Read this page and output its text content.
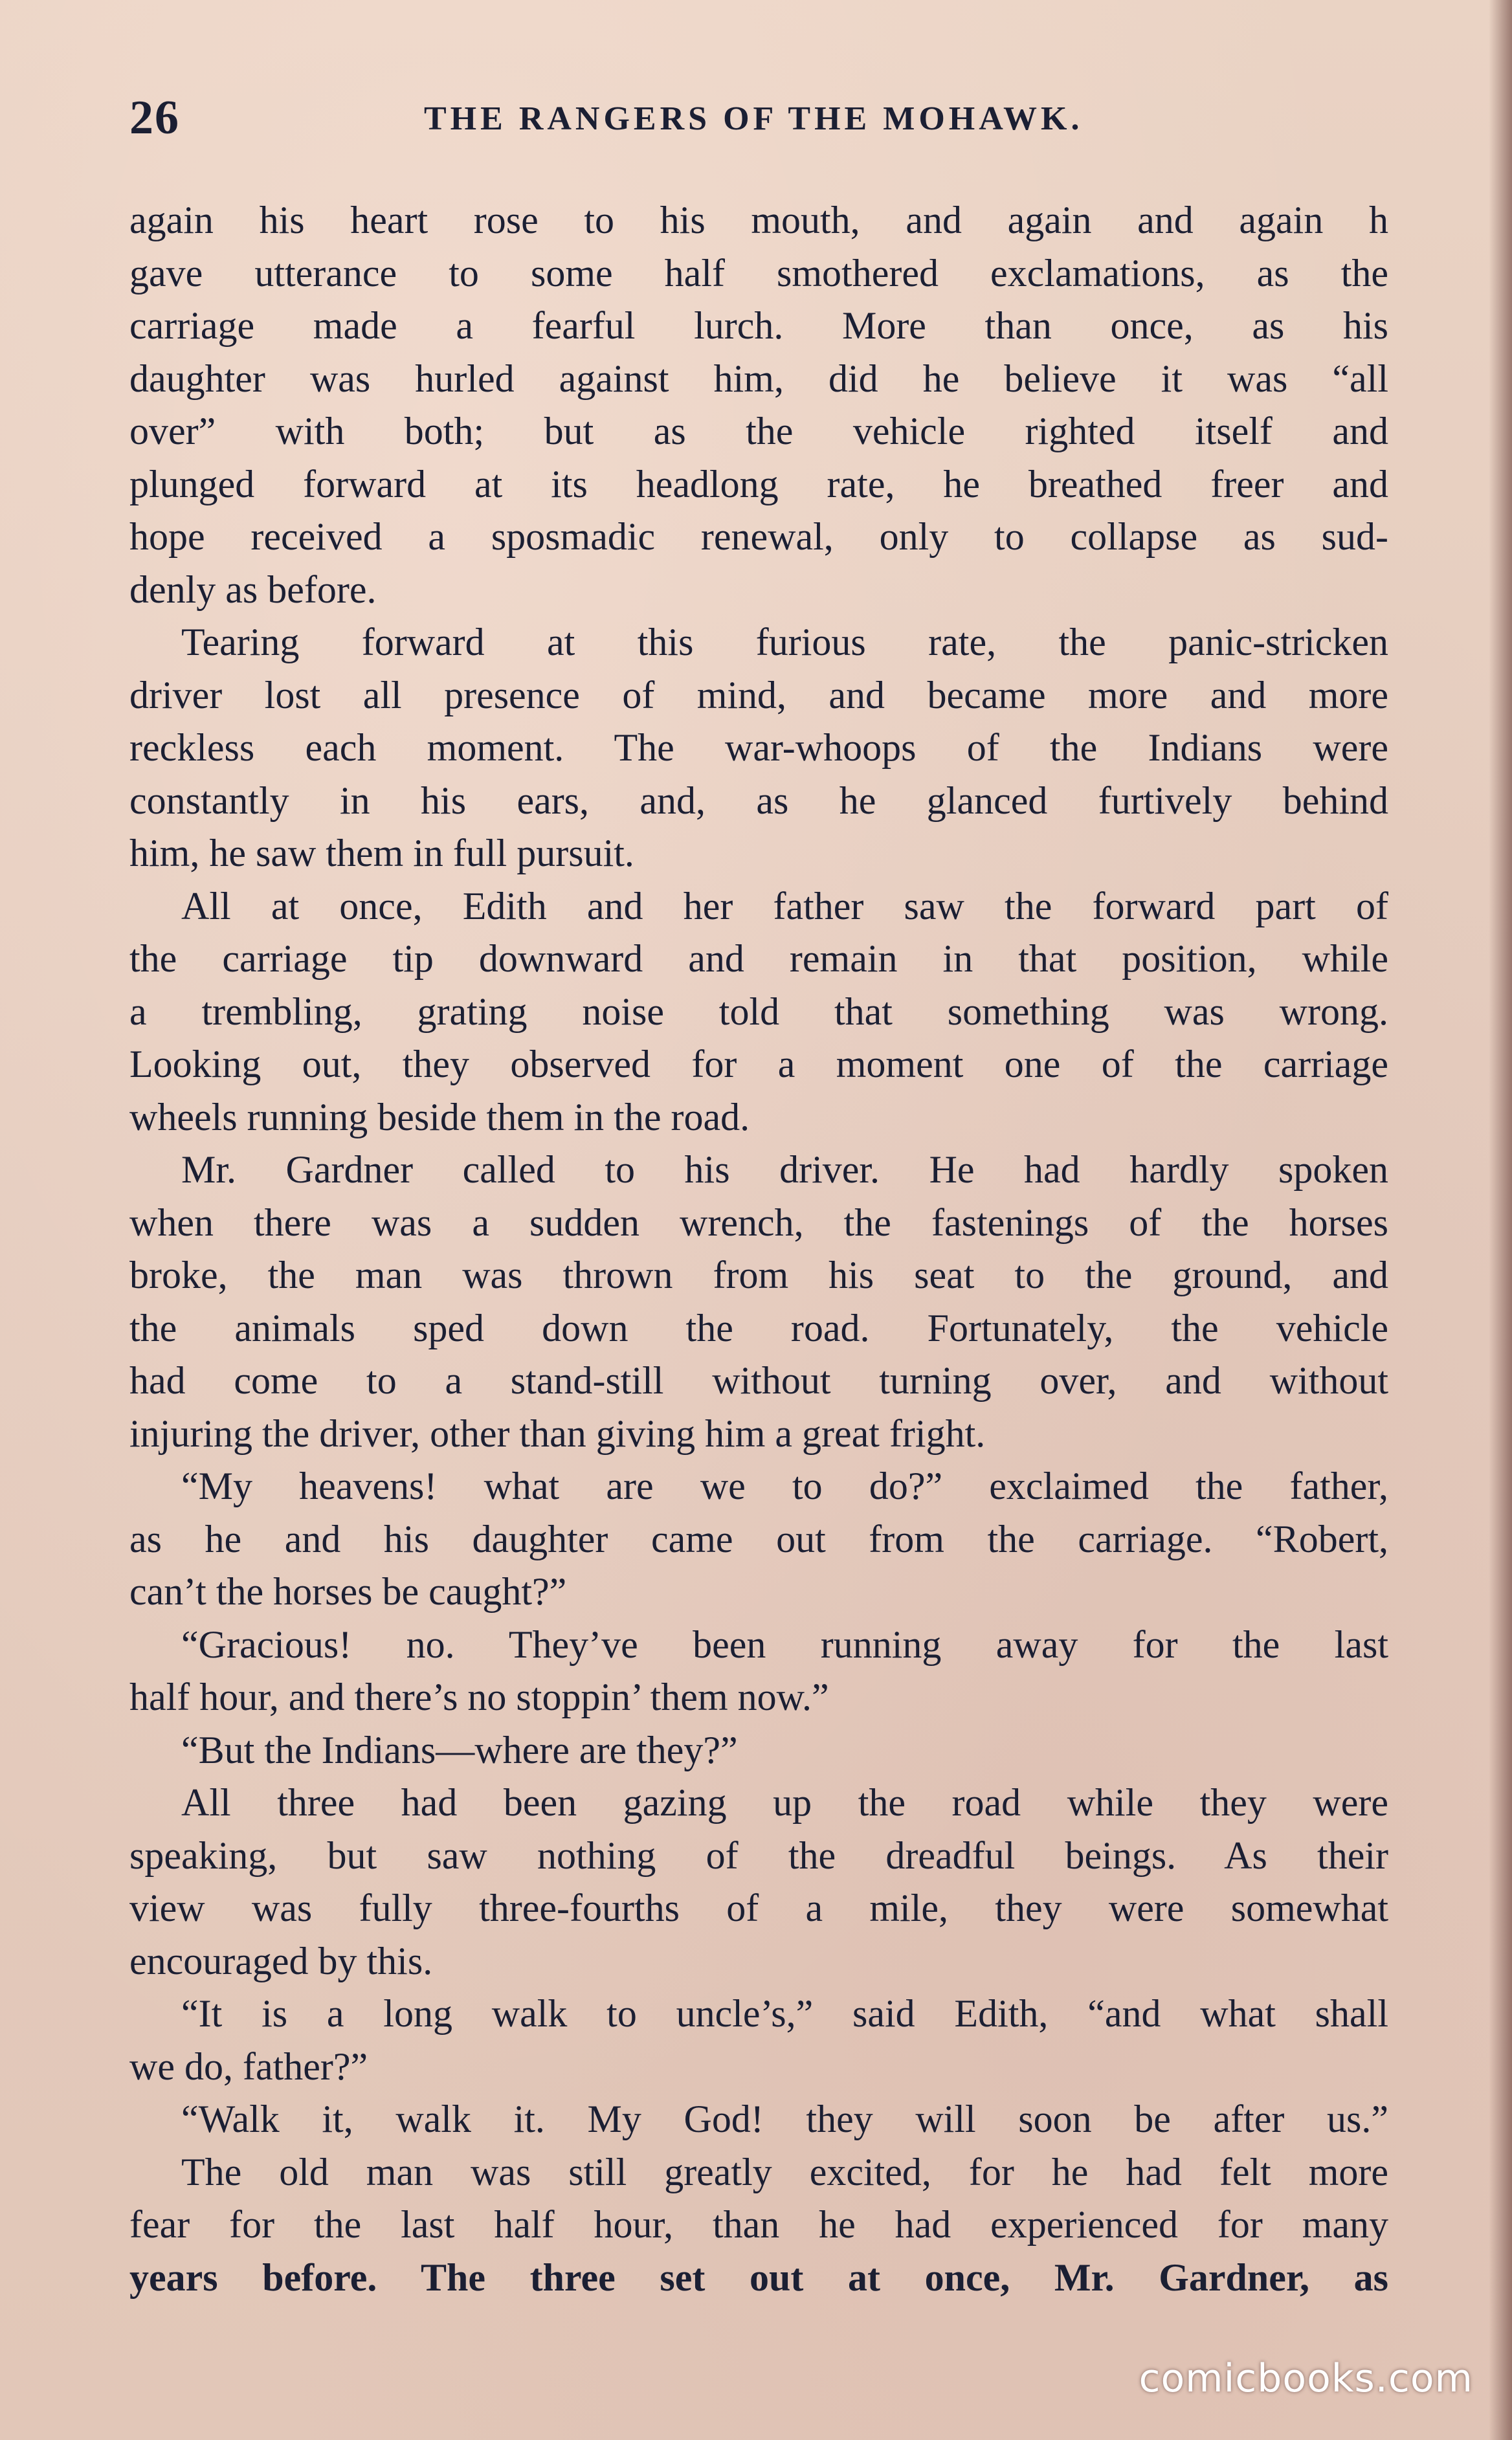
26	THE RANGERS OF THE MOHAWK.
again his heart rose to his mouth, and again and again h
gave utterance to some half smothered exclamations, as the
carriage made a fearful lurch. More than once, as his
daughter was hurled against him, did he believe it was “all
over” with both; but as the vehicle righted itself and
plunged forward at its headlong rate, he breathed freer and
hope received a sposmadic renewal, only to collapse as sud-
denly as before.
Tearing forward at this furious rate, the panic-stricken
driver lost all presence of mind, and became more and more
reckless each moment. The war-whoops of the Indians were
constantly in his ears, and, as he glanced furtively behind
him, he saw them in full pursuit.
All at once, Edith and her father saw the forward part of
the carriage tip downward and remain in that position, while
a trembling, grating noise told that something was wrong.
Looking out, they observed for a moment one of the carriage
wheels running beside them in the road.
Mr. Gardner called to his driver. He had hardly spoken
when there was a sudden wrench, the fastenings of the horses
broke, the man was thrown from his seat to the ground, and
the animals sped down the road. Fortunately, the vehicle
had come to a stand-still without turning over, and without
injuring the driver, other than giving him a great fright.
“My heavens! what are we to do?” exclaimed the father,
as he and his daughter came out from the carriage. “Robert,
can’t the horses be caught?”
“Gracious! no. They’ve been running away for the last
half hour, and there’s no stoppin’ them now.”
“But the Indians—where are they?”
All three had been gazing up the road while they were
speaking, but saw nothing of the dreadful beings. As their
view was fully three-fourths of a mile, they were somewhat
encouraged by this.
“It is a long walk to uncle’s,” said Edith, “and what shall
we do, father?”
“Walk it, walk it. My God! they will soon be after us.”
The old man was still greatly excited, for he had felt more
fear for the last half hour, than he had experienced for many
years before. The three set out at once, Mr. Gardner, as
comicbooks.com
